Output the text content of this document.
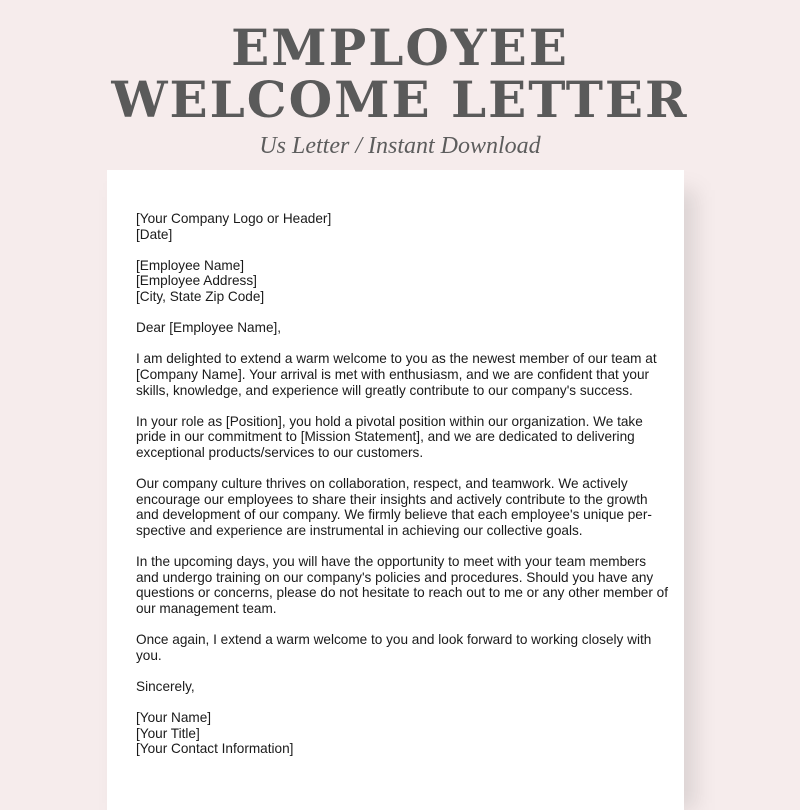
EMPLOYEE
WELCOME LETTER
Us Letter / Instant Download
[Your Company Logo or Header]
[Date]
[Employee Name]
[Employee Address]
[City, State Zip Code]
Dear [Employee Name],
I am delighted to extend a warm welcome to you as the newest member of our team at
[Company Name]. Your arrival is met with enthusiasm, and we are confident that your
skills, knowledge, and experience will greatly contribute to our company's success.
In your role as [Position], you hold a pivotal position within our organization. We take
pride in our commitment to [Mission Statement], and we are dedicated to delivering
exceptional products/services to our customers.
Our company culture thrives on collaboration, respect, and teamwork. We actively
encourage our employees to share their insights and actively contribute to the growth
and development of our company. We firmly believe that each employee's unique per-
spective and experience are instrumental in achieving our collective goals.
In the upcoming days, you will have the opportunity to meet with your team members
and undergo training on our company's policies and procedures. Should you have any
questions or concerns, please do not hesitate to reach out to me or any other member of
our management team.
Once again, I extend a warm welcome to you and look forward to working closely with
you.
Sincerely,
[Your Name]
[Your Title]
[Your Contact Information]
